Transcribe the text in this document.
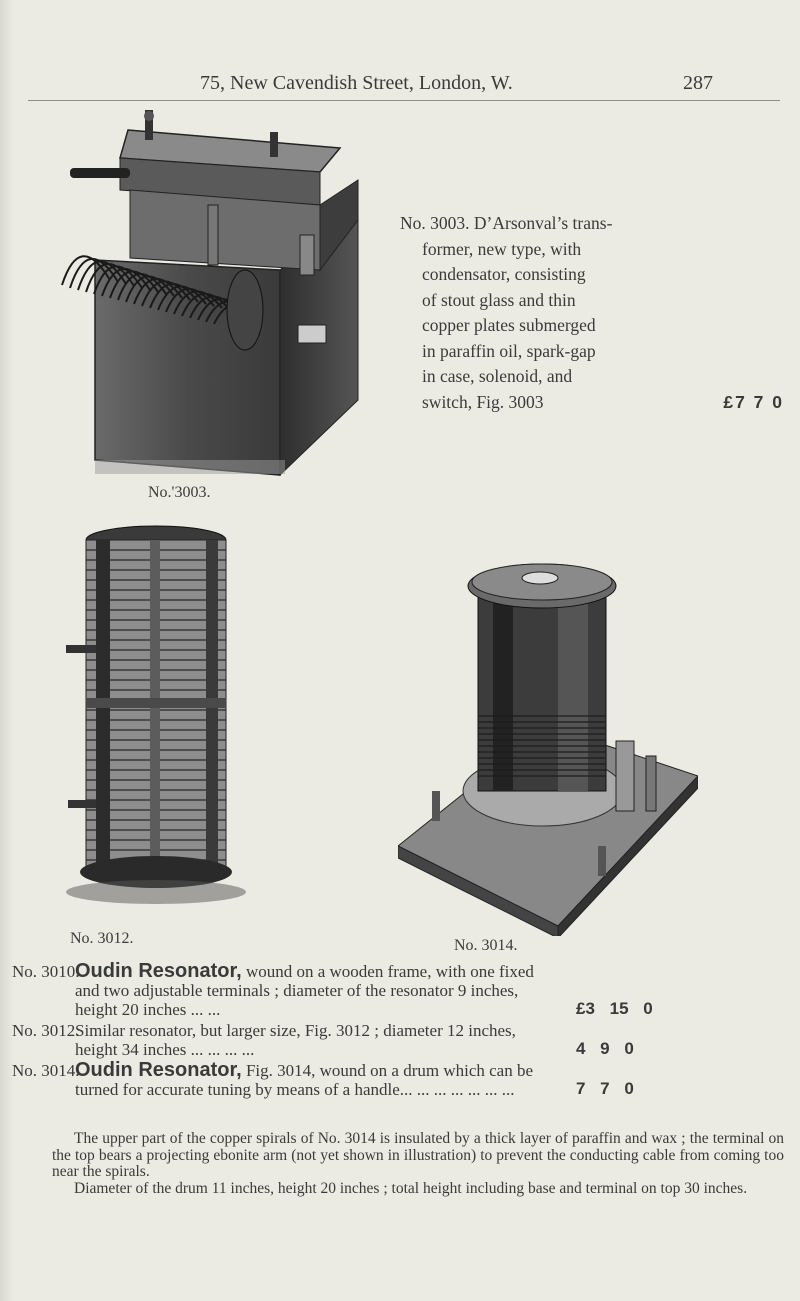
75, New Cavendish Street, London, W.	287
No.'3003.
No. 3003. D’Arsonval’s trans-
former, new type, with
condensator, consisting
of stout glass and thin
copper plates submerged
in paraffin oil, spark-gap
in case, solenoid, and
switch, Fig. 3003	£7 7 0
No. 3012.	No. 3014.
No. 3010.
Oudin Resonator, wound on a wooden frame, with one fixed and two adjustable terminals ; diameter of the resonator 9 inches, height 20 inches ... ...	£3 15 0
No. 3012.
Similar resonator, but larger size, Fig. 3012 ; diameter 12 inches, height 34 inches ... ... ... ...	4 9 0
No. 3014.
Oudin Resonator, Fig. 3014, wound on a drum which can be turned for accurate tuning by means of a handle... ... ... ... ... ... ...	7 7 0

The upper part of the copper spirals of No. 3014 is insulated by a thick layer of paraffin and wax ; the terminal on the top bears a projecting ebonite arm (not yet shown in illustration) to prevent the conducting cable from coming too near the spirals.

Diameter of the drum 11 inches, height 20 inches ; total height including base and terminal on top 30 inches.
